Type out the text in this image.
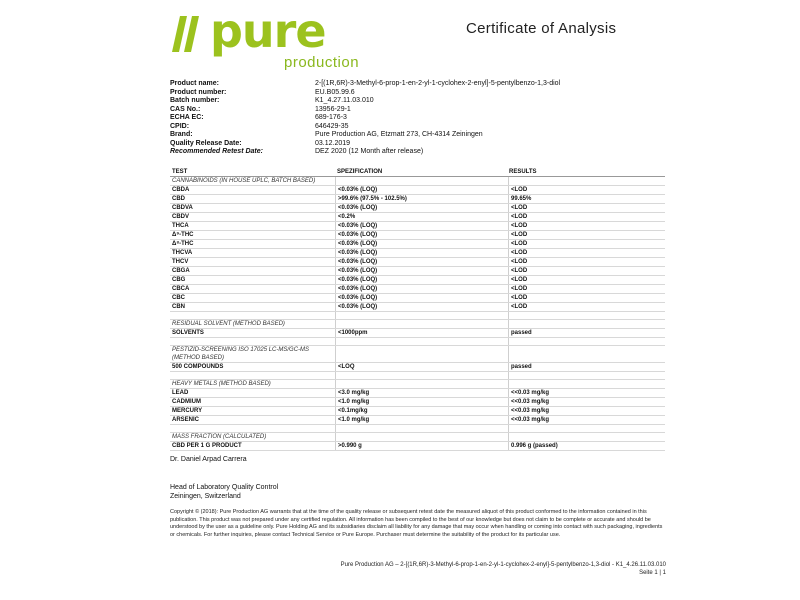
pure
production
Certificate of Analysis
Product name:	2-[(1R,6R)-3-Methyl-6-prop-1-en-2-yl-1-cyclohex-2-enyl]-5-pentylbenzo-1,3-diol
Product number:	EU.B05.99.6
Batch number:	K1_4.27.11.03.010
CAS No.:	13956-29-1
ECHA EC:	689-176-3
CPID:	646429-35
Brand:	Pure Production AG, Etzmatt 273, CH-4314 Zeiningen
Quality Release Date:	03.12.2019
Recommended Retest Date:	DEZ 2020 (12 Month after release)
TEST	SPEZIFICATION	RESULTS
CANNABINOIDS (IN HOUSE UPLC, BATCH BASED)
CBDA	<0.03% (LOQ)	<LOD
CBD	>99.6% (97.5% - 102.5%)	99.65%
CBDVA	<0.03% (LOQ)	<LOD
CBDV	<0.2%	<LOD
THCA	<0.03% (LOQ)	<LOD
Δ⁹-THC	<0.03% (LOQ)	<LOD
Δ⁸-THC	<0.03% (LOQ)	<LOD
THCVA	<0.03% (LOQ)	<LOD
THCV	<0.03% (LOQ)	<LOD
CBGA	<0.03% (LOQ)	<LOD
CBG	<0.03% (LOQ)	<LOD
CBCA	<0.03% (LOQ)	<LOD
CBC	<0.03% (LOQ)	<LOD
CBN	<0.03% (LOQ)	<LOD
RESIDUAL SOLVENT (METHOD BASED)
SOLVENTS	<1000ppm	passed
PESTIZID-SCREENING ISO 17025 LC-MS/GC-MS (METHOD BASED)
500 COMPOUNDS	<LOQ	passed
HEAVY METALS (METHOD BASED)
LEAD	<3.0 mg/kg	<<0.03 mg/kg
CADMIUM	<1.0 mg/kg	<<0.03 mg/kg
MERCURY	<0.1mg/kg	<<0.03 mg/kg
ARSENIC	<1.0 mg/kg	<<0.03 mg/kg
MASS FRACTION (CALCULATED)
CBD PER 1 G PRODUCT	>0.990 g	0.996 g (passed)
Dr. Daniel Arpad Carrera
Head of Laboratory Quality Control
Zeiningen, Switzerland
Copyright © (2018): Pure Production AG warrants that at the time of the quality release or subsequent retest date the measured aliquot of this product conformed to the information contained in this publication. This product was not prepared under any certified regulation. All information has been compiled to the best of our knowledge but does not claim to be complete or accurate and should be understood by the user as a guideline only. Pure Holding AG and its subsidiaries disclaim all liability for any damage that may occur when handling or coming into contact with such packaging, ingredients or chemicals. For further inquiries, please contact Technical Service or Pure Europe. Purchaser must determine the suitability of the product for its particular use.
Pure Production AG – 2-[(1R,6R)-3-Methyl-6-prop-1-en-2-yl-1-cyclohex-2-enyl]-5-pentylbenzo-1,3-diol - K1_4.26.11.03.010
Seite 1 | 1
